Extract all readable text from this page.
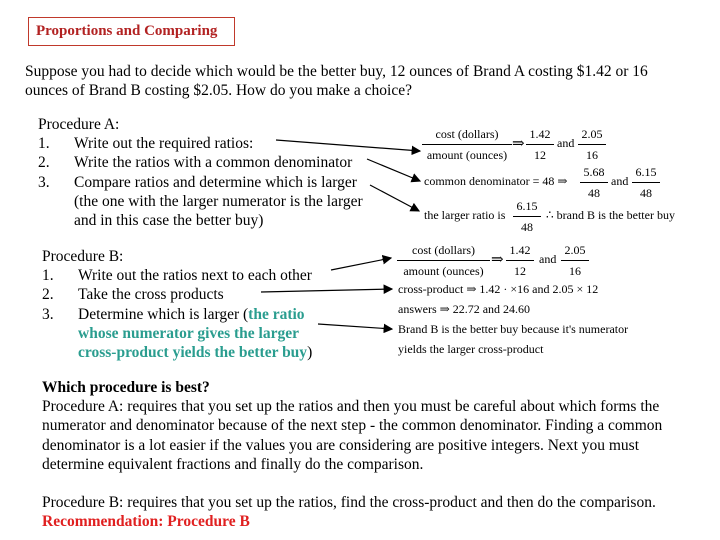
Proportions and Comparing
Suppose you had to decide which would be the better buy, 12 ounces of Brand A costing $1.42 or 16
ounces of Brand B costing $2.05. How do you make a choice?
Procedure A:
1. Write out the required ratios:
2. Write the ratios with a common denominator
3. Compare ratios and determine which is larger
(the one with the larger numerator is the larger
and in this case the better buy)
cost (dollars)
amount (ounces)
⇒ $\frac{1.42}{12}$ and $\frac{2.05}{16}$
common denominator = 48 ⇒ $\frac{5.68}{48}$ and $\frac{6.15}{48}$
the larger ratio is $\frac{6.15}{48}$ ∴ brand B is the better buy
Procedure B:
1. Write out the ratios next to each other
2. Take the cross products
3. Determine which is larger (the ratio
whose numerator gives the larger
cross-product yields the better buy)
cost (dollars)
amount (ounces)
⇒ $\frac{1.42}{12}$ and $\frac{2.05}{16}$
cross-product ⇒ 1.42 · ×16 and 2.05 × 12
answers ⇒ 22.72 and 24.60
Brand B is the better buy because it's numerator
yields the larger cross-product
Which procedure is best?
Procedure A: requires that you set up the ratios and then you must be careful about which forms the
numerator and denominator because of the next step - the common denominator. Finding a common
denominator is a lot easier if the values you are considering are positive integers. Next you must
determine equivalent fractions and finally do the comparison.
Procedure B: requires that you set up the ratios, find the cross-product and then do the comparison.
Recommendation: Procedure B
